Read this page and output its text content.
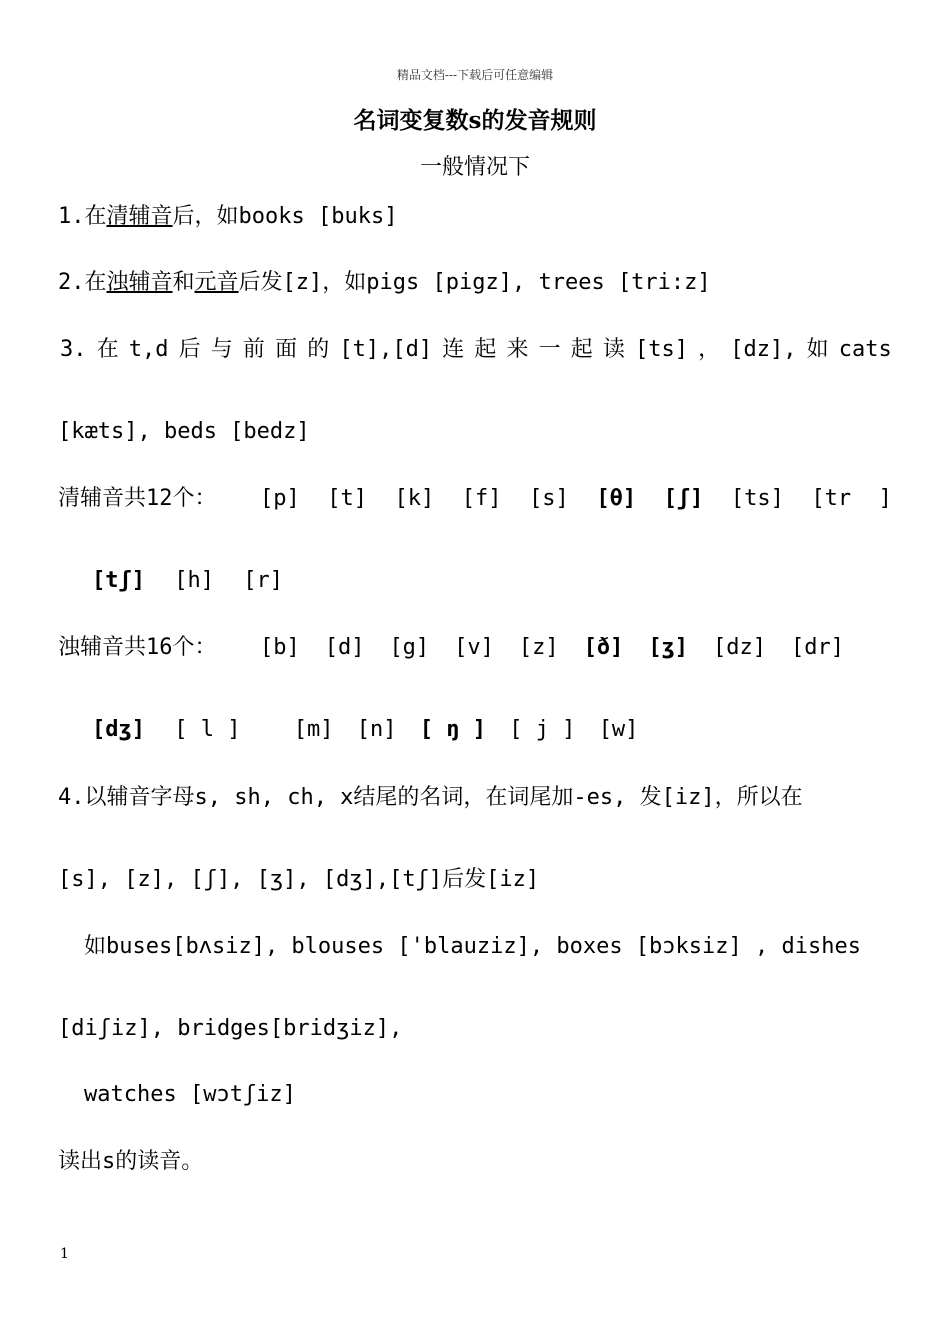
精品文档---下载后可任意编辑
名词变复数s的发音规则
一般情况下
1.在清辅音后，如books [buks]
2.在浊辅音和元音后发[z]，如pigs [pigz], trees [tri:z]
3. 在 t,d 后 与 前 面 的 [t],[d] 连 起 来 一 起 读 [ts] ， [dz], 如 cats
[kæts], beds [bedz]
清辅音共12个： [p] [t] [k] [f] [s] [θ] [ʃ] [ts] [tr ]
[tʃ] [h] [r]
浊辅音共16个： [b] [d] [g] [v] [z] [ð] [ʒ] [dz] [dr]
[dʒ] [ l ] [m] [n] [ ŋ ] [ j ] [w]
4.以辅音字母s, sh, ch, x结尾的名词，在词尾加-es, 发[iz]，所以在
[s], [z], [ʃ], [ʒ], [dʒ],[tʃ]后发[iz]
如buses[bʌsiz], blouses ['blauziz], boxes [bɔksiz] , dishes
[diʃiz], bridges[bridʒiz],
watches [wɔtʃiz]
读出s的读音。
1
